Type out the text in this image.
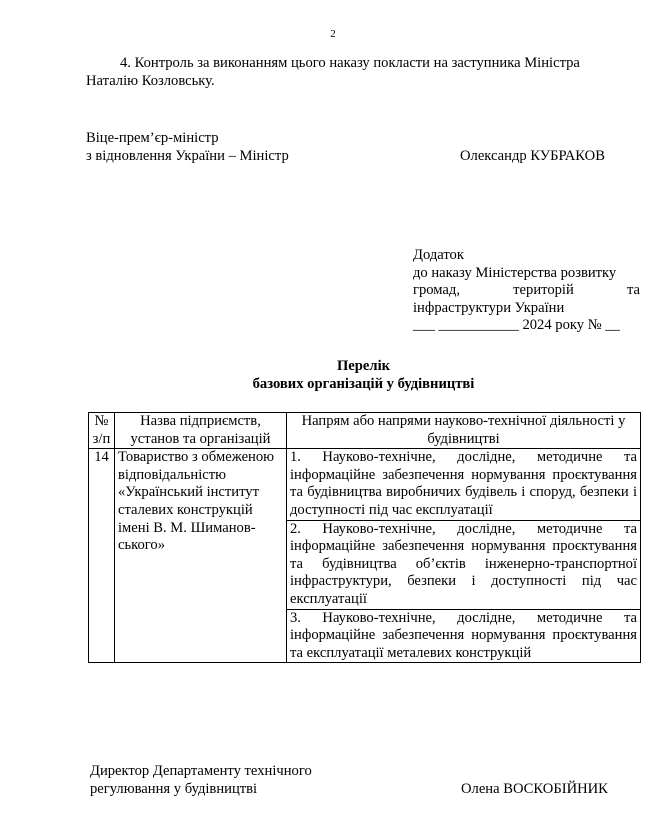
2
4. Контроль за виконанням цього наказу покласти на заступника Міністра
Наталію Козловську.
Віце-прем’єр-міністр
з відновлення України – Міністр	Олександр КУБРАКОВ
Додаток
до наказу Міністерства розвитку
громад, територій та
інфраструктури України
___ ___________ 2024 року № __
Перелік
базових організацій у будівництві
№ з/п	Назва підприємств, установ та організацій	Напрям або напрями науково-технічної діяльності у будівництві
14	Товариство з обмеженою відповідальністю «Український інститут сталевих конструкцій імені В. М. Шиманов-ського»	1. Науково-технічне, дослідне, методичне та інформаційне забезпечення нормування проєктування та будівництва виробничих будівель і споруд, безпеки і доступності під час експлуатації
		2. Науково-технічне, дослідне, методичне та інформаційне забезпечення нормування проєктування та будівництва об’єктів інженерно-транспортної інфраструктури, безпеки і доступності під час експлуатації
		3. Науково-технічне, дослідне, методичне та інформаційне забезпечення нормування проєктування та експлуатації металевих конструкцій
Директор Департаменту технічного
регулювання у будівництві	Олена ВОСКОБІЙНИК
